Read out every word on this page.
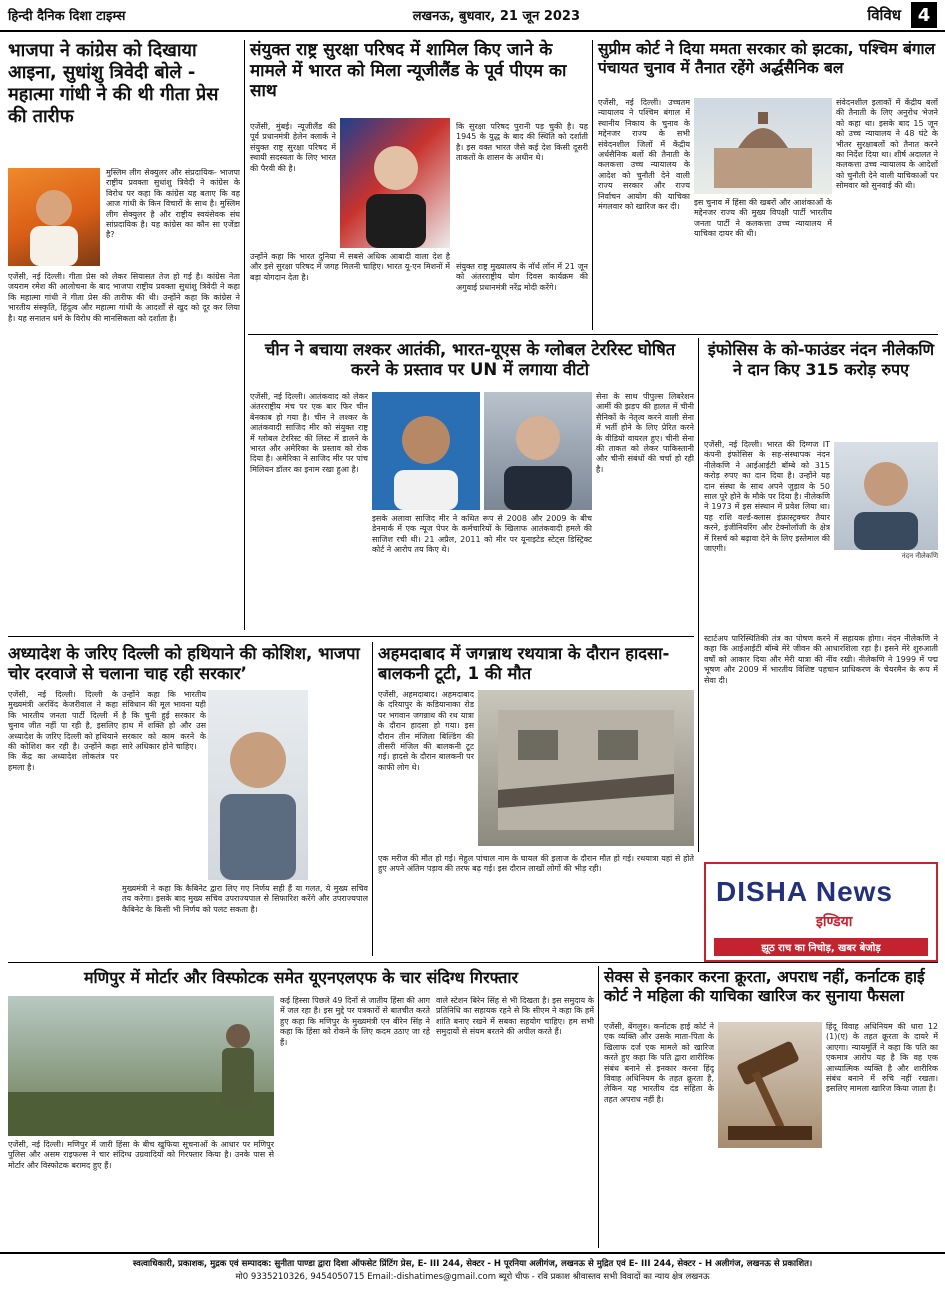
हिन्दी दैनिक दिशा टाइम्स	लखनऊ, बुधवार, 21 जून 2023	विविध 4
भाजपा ने कांग्रेस को दिखाया आइना, सुधांशु त्रिवेदी बोले - महात्मा गांधी ने की थी गीता प्रेस की तारीफ
मुस्लिम लीग सेक्युलर और संप्रदायिक- भाजपा राष्ट्रीय प्रवक्ता सुधांशु त्रिवेदी ने कांग्रेस के विरोध पर कहा कि कांग्रेस यह बताए कि वह आज गांधी के किन विचारों के साथ है। मुस्लिम लीग सेक्युलर है और राष्ट्रीय स्वयंसेवक संघ सांप्रदायिक है। यह कांग्रेस का कौन सा एजेंडा है?
एजेंसी, नई दिल्ली। गीता प्रेस को लेकर सियासत तेज हो गई है। कांग्रेस नेता जयराम रमेश की आलोचना के बाद भाजपा राष्ट्रीय प्रवक्ता सुधांशु त्रिवेदी ने कहा कि महात्मा गांधी ने गीता प्रेस की तारीफ की थी। उन्होंने कहा कि कांग्रेस ने भारतीय संस्कृति, हिंदुत्व और महात्मा गांधी के आदर्शों से खुद को दूर कर लिया है। यह सनातन धर्म के विरोध की मानसिकता को दर्शाता है।
संयुक्त राष्ट्र सुरक्षा परिषद में शामिल किए जाने के मामले में भारत को मिला न्यूजीलैंड के पूर्व पीएम का साथ
एजेंसी, मुंबई। न्यूजीलैंड की पूर्व प्रधानमंत्री हेलेन क्लार्क ने संयुक्त राष्ट्र सुरक्षा परिषद में स्थायी सदस्यता के लिए भारत की पैरवी की है।
कि सुरक्षा परिषद पुरानी पड़ चुकी है। यह 1945 के युद्ध के बाद की स्थिति को दर्शाती है। इस वक्त भारत जैसे कई देश किसी दूसरी ताकतों के शासन के अधीन थे।
उन्होंने कहा कि भारत दुनिया में सबसे अधिक आबादी वाला देश है और इसे सुरक्षा परिषद में जगह मिलनी चाहिए। भारत यू-एन मिशनों में बड़ा योगदान देता है।
संयुक्त राष्ट्र मुख्यालय के नॉर्थ लॉन में 21 जून को अंतरराष्ट्रीय योग दिवस कार्यक्रम की अगुवाई प्रधानमंत्री नरेंद्र मोदी करेंगे।
सुप्रीम कोर्ट ने दिया ममता सरकार को झटका, पश्चिम बंगाल पंचायत चुनाव में तैनात रहेंगे अर्द्धसैनिक बल
एजेंसी, नई दिल्ली। उच्चतम न्यायालय ने पश्चिम बंगाल में स्थानीय निकाय के चुनाव के मद्देनजर राज्य के सभी संवेदनशील जिलों में केंद्रीय अर्धसैनिक बलों की तैनाती के कलकत्ता उच्च न्यायालय के आदेश को चुनौती देने वाली राज्य सरकार और राज्य निर्वाचन आयोग की याचिका मंगलवार को खारिज कर दी।	इस चुनाव में हिंसा की खबरों और आशंकाओं के मद्देनजर राज्य की मुख्य विपक्षी पार्टी भारतीय जनता पार्टी ने कलकत्ता उच्च न्यायालय में याचिका दायर की थी।
संवेदनशील इलाकों में केंद्रीय बलों की तैनाती के लिए अनुरोध भेजने को कहा था। इसके बाद 15 जून को उच्च न्यायालय ने 48 घंटे के भीतर सुरक्षाबलों को तैनात करने का निर्देश दिया था। शीर्ष अदालत ने कलकत्ता उच्च न्यायालय के आदेशों को चुनौती देने वाली याचिकाओं पर सोमवार को सुनवाई की थी।
चीन ने बचाया लश्कर आतंकी, भारत-यूएस के ग्लोबल टेररिस्ट घोषित करने के प्रस्ताव पर UN में लगाया वीटो
एजेंसी, नई दिल्ली। आतंकवाद को लेकर अंतरराष्ट्रीय मंच पर एक बार फिर चीन बेनकाब हो गया है। चीन ने लश्कर के आतंकवादी साजिद मीर को संयुक्त राष्ट्र में ग्लोबल टेररिस्ट की लिस्ट में डालने के भारत और अमेरिका के प्रस्ताव को रोक दिया है। अमेरिका ने साजिद मीर पर पांच मिलियन डॉलर का इनाम रखा हुआ है।
इसके अलावा साजिद मीर ने कथित रूप से 2008 और 2009 के बीच डेनमार्क में एक न्यूज पेपर के कर्मचारियों के खिलाफ आतंकवादी हमले की साजिश रची थी। 21 अप्रैल, 2011 को मीर पर यूनाइटेड स्टेट्स डिस्ट्रिक्ट कोर्ट ने आरोप तय किए थे।
सेना के साथ पीपुल्स लिबरेशन आर्मी की झड़प की हालत में चीनी सैनिकों के नेतृत्व करने वाली सेना में भर्ती होने के लिए प्रेरित करने के वीडियो वायरल हुए। चीनी सेना की ताकत को लेकर पाकिस्तानी और चीनी संबंधों की चर्चा हो रही है।
इंफोसिस के को-फाउंडर नंदन नीलेकणि ने दान किए 315 करोड़ रुपए
एजेंसी, नई दिल्ली। भारत की दिग्गज IT कंपनी इंफोसिस के सह-संस्थापक नंदन नीलेकणि ने आईआईटी बॉम्बे को 315 करोड़ रुपए का दान दिया है। उन्होंने यह दान संस्था के साथ अपने जुड़ाव के 50 साल पूरे होने के मौके पर दिया है। नीलेकणि ने 1973 में इस संस्थान में प्रवेश लिया था। यह राशि वर्ल्ड-क्लास इंफ्रास्ट्रक्चर तैयार करने, इंजीनियरिंग और टेक्नोलॉजी के क्षेत्र में रिसर्च को बढ़ावा देने के लिए इस्तेमाल की जाएगी।
नंदन नीलेकणि
स्टार्टअप पारिस्थितिकी तंत्र का पोषण करने में सहायक होगा। नंदन नीलेकणि ने कहा कि आईआईटी बॉम्बे मेरे जीवन की आधारशिला रहा है। इसने मेरे शुरुआती वर्षों को आकार दिया और मेरी यात्रा की नींव रखी। नीलेकणि ने 1999 में पद्म भूषण और 2009 में भारतीय विशिष्ट पहचान प्राधिकरण के चेयरमैन के रूप में सेवा दी।
अध्यादेश के जरिए दिल्ली को हथियाने की कोशिश, भाजपा चोर दरवाजे से चलाना चाह रही सरकार’
एजेंसी, नई दिल्ली। दिल्ली के मुख्यमंत्री अरविंद केजरीवाल ने कहा कि भारतीय जनता पार्टी दिल्ली में चुनाव जीत नहीं पा रही है, इसलिए अध्यादेश के जरिए दिल्ली को हथियाने की कोशिश कर रही है। उन्होंने कहा कि केंद्र का अध्यादेश लोकतंत्र पर हमला है।
उन्होंने कहा कि भारतीय संविधान की मूल भावना यही है कि चुनी हुई सरकार के हाथ में शक्ति हो और उस सरकार को काम करने के सारे अधिकार होने चाहिए।
मुख्यमंत्री ने कहा कि कैबिनेट द्वारा लिए गए निर्णय सही हैं या गलत, ये मुख्य सचिव तय करेगा। इसके बाद मुख्य सचिव उपराज्यपाल से सिफारिश करेंगे और उपराज्यपाल कैबिनेट के किसी भी निर्णय को पलट सकता है।
अहमदाबाद में जगन्नाथ रथयात्रा के दौरान हादसा- बालकनी टूटी, 1 की मौत
एजेंसी, अहमदाबाद। अहमदाबाद के दरियापुर के कडियानाका रोड पर भगवान जगन्नाथ की रथ यात्रा के दौरान हादसा हो गया। इस दौरान तीन मंजिला बिल्डिंग की तीसरी मंजिल की बालकनी टूट गई। हादसे के दौरान बालकनी पर काफी लोग थे।
एक मरीज की मौत हो गई। मेहुल पांचाल नाम के घायल की इलाज के दौरान मौत हो गई। रथयात्रा यहां से होते हुए अपने अंतिम पड़ाव की तरफ बढ़ गई। इस दौरान लाखों लोगों की भीड़ रही।
DISHA News
इण्डिया
झूठ राच का निचोड़, खबर बेजोड़
मणिपुर में मोर्टार और विस्फोटक समेत यूएनएलएफ के चार संदिग्ध गिरफ्तार
एजेंसी, नई दिल्ली। मणिपुर में जारी हिंसा के बीच खुफिया सूचनाओं के आधार पर मणिपुर पुलिस और असम राइफल्स ने चार संदिग्ध उग्रवादियों को गिरफ्तार किया है। उनके पास से मोर्टार और विस्फोटक बरामद हुए हैं।
कई हिस्सा पिछले 49 दिनों से जातीय हिंसा की आग में जल रहा है। इस मुद्दे पर पत्रकारों से बातचीत करते हुए कहा कि मणिपुर के मुख्यमंत्री एन बीरेन सिंह ने कहा कि हिंसा को रोकने के लिए कदम उठाए जा रहे हैं।
वाले स्टेशन बिरेन सिंह से भी दिखता है। इस समुदाय के प्रतिनिधि का सहायक रहने से कि सीएम ने कहा कि हमें शांति बनाए रखने में सबका सहयोग चाहिए। हम सभी समुदायों से संयम बरतने की अपील करते हैं।
सेक्स से इनकार करना क्रूरता, अपराध नहीं, कर्नाटक हाई कोर्ट ने महिला की याचिका खारिज कर सुनाया फैसला
एजेंसी, बेंगलुरु। कर्नाटक हाई कोर्ट ने एक व्यक्ति और उसके माता-पिता के खिलाफ दर्ज एक मामले को खारिज करते हुए कहा कि पति द्वारा शारीरिक संबंध बनाने से इनकार करना हिंदू विवाह अधिनियम के तहत क्रूरता है, लेकिन यह भारतीय दंड संहिता के तहत अपराध नहीं है।
हिंदू विवाह अधिनियम की धारा 12 (1)(ए) के तहत क्रूरता के दायरे में आएगा। न्यायमूर्ति ने कहा कि पति का एकमात्र आरोप यह है कि वह एक आध्यात्मिक व्यक्ति है और शारीरिक संबंध बनाने में रुचि नहीं रखता। इसलिए मामला खारिज किया जाता है।
स्वत्वाधिकारी, प्रकाशक, मुद्रक एवं सम्पादक: सुनीता पाण्डा द्वारा दिशा ऑफसेट प्रिंटिंग प्रेस, E- III 244, सेक्टर - H पूरनिया अलीगंज, लखनऊ से मुद्रित एवं E- III 244, सेक्टर - H अलीगंज, लखनऊ से प्रकाशित।
मो0 9335210326, 9454050715 Email:-dishatimes@gmail.com ब्यूरो चीफ - रवि प्रकाश श्रीवास्तव सभी विवादों का न्याय क्षेत्र लखनऊ
